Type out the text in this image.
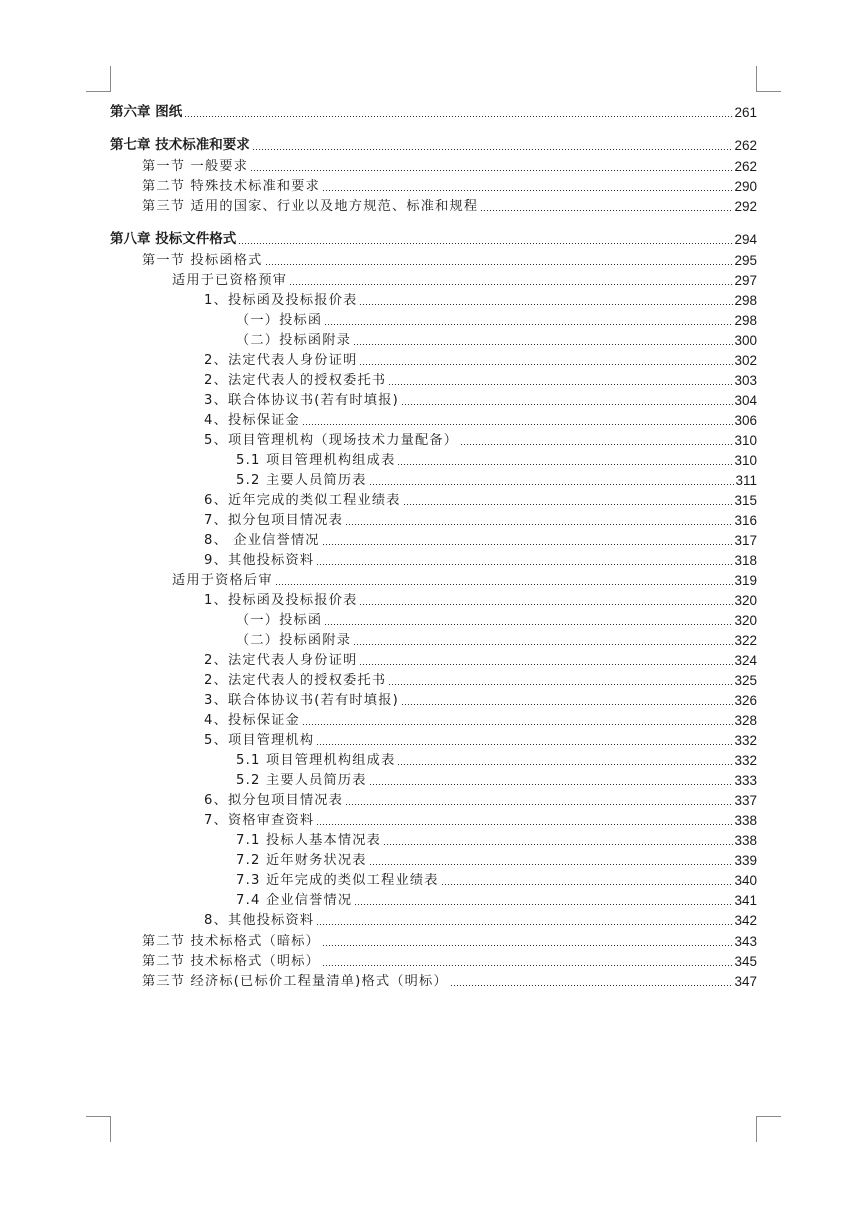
第六章 图纸	261
第七章 技术标准和要求	262
第一节 一般要求	262
第二节 特殊技术标准和要求	290
第三节 适用的国家、行业以及地方规范、标准和规程	292
第八章 投标文件格式	294
第一节 投标函格式	295
适用于已资格预审	297
1、投标函及投标报价表	298
（一）投标函	298
（二）投标函附录	300
2、法定代表人身份证明	302
2、法定代表人的授权委托书	303
3、联合体协议书(若有时填报)	304
4、投标保证金	306
5、项目管理机构（现场技术力量配备）	310
5.1 项目管理机构组成表	310
5.2 主要人员简历表	311
6、近年完成的类似工程业绩表	315
7、拟分包项目情况表	316
8、 企业信誉情况	317
9、其他投标资料	318
适用于资格后审	319
1、投标函及投标报价表	320
（一）投标函	320
（二）投标函附录	322
2、法定代表人身份证明	324
2、法定代表人的授权委托书	325
3、联合体协议书(若有时填报)	326
4、投标保证金	328
5、项目管理机构	332
5.1 项目管理机构组成表	332
5.2 主要人员简历表	333
6、拟分包项目情况表	337
7、资格审查资料	338
7.1 投标人基本情况表	338
7.2 近年财务状况表	339
7.3 近年完成的类似工程业绩表	340
7.4 企业信誉情况	341
8、其他投标资料	342
第二节 技术标格式（暗标）	343
第二节 技术标格式（明标）	345
第三节 经济标(已标价工程量清单)格式（明标）	347
